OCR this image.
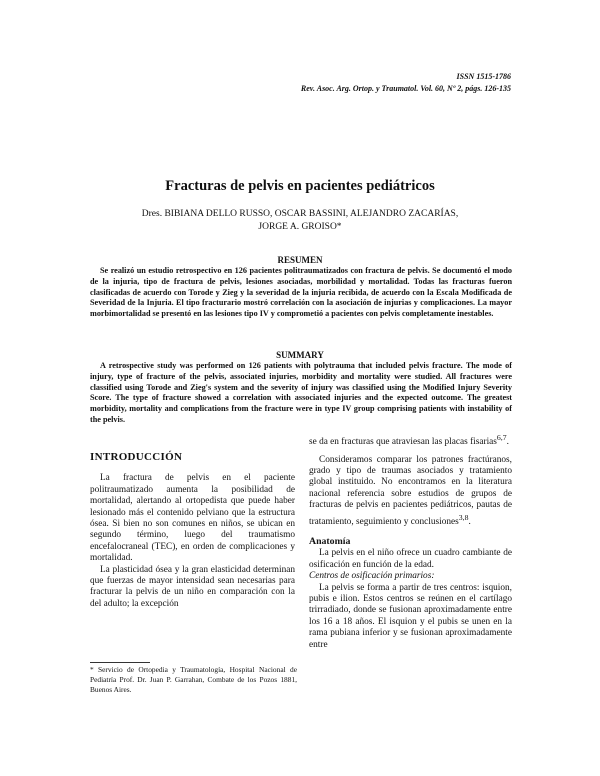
ISSN 1515-1786
Rev. Asoc. Arg. Ortop. y Traumatol. Vol. 60, Nº 2, págs. 126-135
Fracturas de pelvis en pacientes pediátricos
Dres. BIBIANA DELLO RUSSO, OSCAR BASSINI, ALEJANDRO ZACARÍAS,
JORGE A. GROISO*
RESUMEN
Se realizó un estudio retrospectivo en 126 pacientes politraumatizados con fractura de pelvis. Se documentó el modo de la injuria, tipo de fractura de pelvis, lesiones asociadas, morbilidad y mortalidad. Todas las fracturas fueron clasificadas de acuerdo con Torode y Zieg y la severidad de la injuria recibida, de acuerdo con la Escala Modificada de Severidad de la Injuria. El tipo fracturario mostró correlación con la asociación de injurias y complicaciones. La mayor morbimortalidad se presentó en las lesiones tipo IV y comprometió a pacientes con pelvis completamente inestables.
SUMMARY
A retrospective study was performed on 126 patients with polytrauma that included pelvis fracture. The mode of injury, type of fracture of the pelvis, associated injuries, morbidity and mortality were studied. All fractures were classified using Torode and Zieg's system and the severity of injury was classified using the Modified Injury Severity Score. The type of fracture showed a correlation with associated injuries and the expected outcome. The greatest morbidity, mortality and complications from the fracture were in type IV group comprising patients with instability of the pelvis.
INTRODUCCIÓN

La fractura de pelvis en el paciente politraumatizado aumenta la posibilidad de mortalidad, alertando al ortopedista que puede haber lesionado más el contenido pelviano que la estructura ósea. Si bien no son comunes en niños, se ubican en segundo término, luego del traumatismo encefalocraneal (TEC), en orden de complicaciones y mortalidad.

La plasticidad ósea y la gran elasticidad determinan que fuerzas de mayor intensidad sean necesarias para fracturar la pelvis de un niño en comparación con la del adulto; la excepción

se da en fracturas que atraviesan las placas fisarias$^{6,7}$.

Consideramos comparar los patrones fractúranos, grado y tipo de traumas asociados y tratamiento global instituido. No encontramos en la literatura nacional referencia sobre estudios de grupos de fracturas de pelvis en pacientes pediátricos, pautas de tratamiento, seguimiento y conclusiones$^{3,8}$.

Anatomía

La pelvis en el niño ofrece un cuadro cambiante de osificación en función de la edad.

Centros de osificación primarios:

La pelvis se forma a partir de tres centros: isquion, pubis e ilion. Estos centros se reúnen en el cartílago trirradiado, donde se fusionan aproximadamente entre los 16 a 18 años. El isquion y el pubis se unen en la rama pubiana inferior y se fusionan aproximadamente entre

* Servicio de Ortopedia y Traumatología, Hospital Nacional de Pediatría Prof. Dr. Juan P. Garrahan, Combate de los Pozos 1881, Buenos Aires.
